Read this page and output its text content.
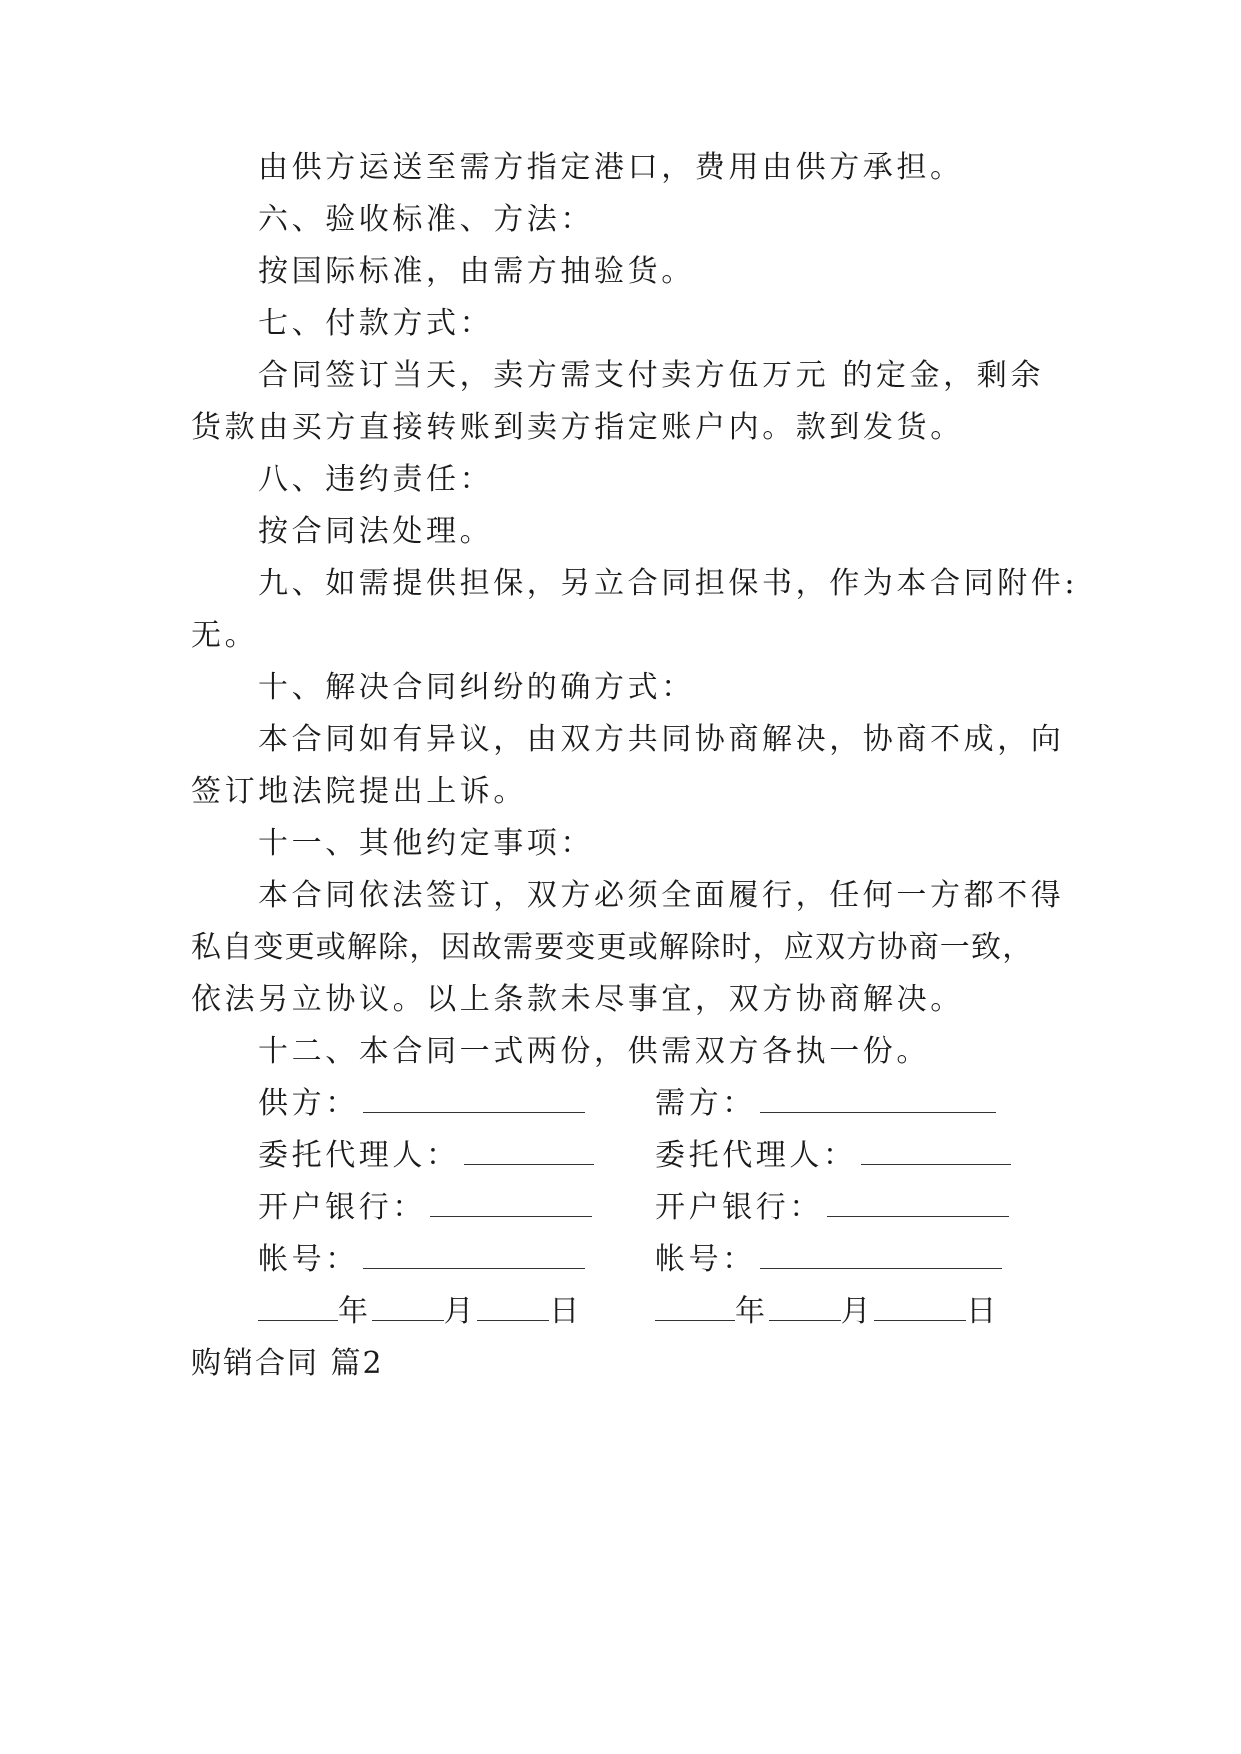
由供方运送至需方指定港口，费用由供方承担。
六、验收标准、方法：
按国际标准，由需方抽验货。
七、付款方式：
合同签订当天，卖方需支付卖方伍万元 的定金，剩余
货款由买方直接转账到卖方指定账户内。款到发货。
八、违约责任：
按合同法处理。
九、如需提供担保，另立合同担保书，作为本合同附件:
无。
十、解决合同纠纷的确方式：
本合同如有异议，由双方共同协商解决，协商不成，向
签订地法院提出上诉。
十一、其他约定事项：
本合同依法签订，双方必须全面履行，任何一方都不得
私自变更或解除，因故需要变更或解除时，应双方协商一致，
依法另立协议。以上条款未尽事宜，双方协商解决。
十二、本合同一式两份，供需双方各执一份。
供方：
委托代理人：
开户银行：
帐号：
年 月 日
需方：
委托代理人：
开户银行：
帐号：
年 月	日
购销合同 篇2
